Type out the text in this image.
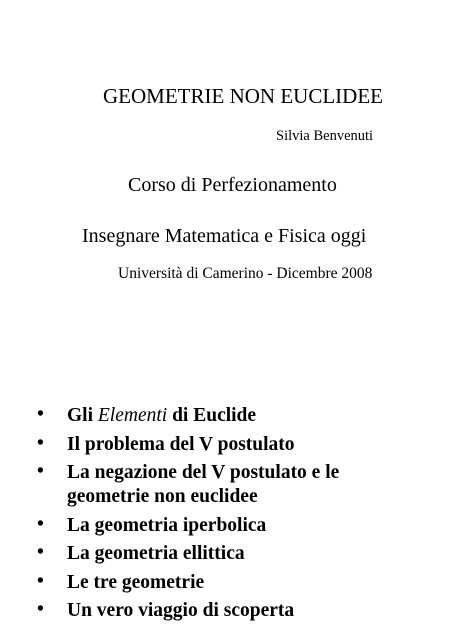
GEOMETRIE NON EUCLIDEE
Silvia Benvenuti
Corso di Perfezionamento
Insegnare Matematica e Fisica oggi
Università di Camerino - Dicembre 2008
• Gli Elementi di Euclide
• Il problema del V postulato
• La negazione del V postulato e le
geometrie non euclidee
• La geometria iperbolica
• La geometria ellittica
• Le tre geometrie
• Un vero viaggio di scoperta
